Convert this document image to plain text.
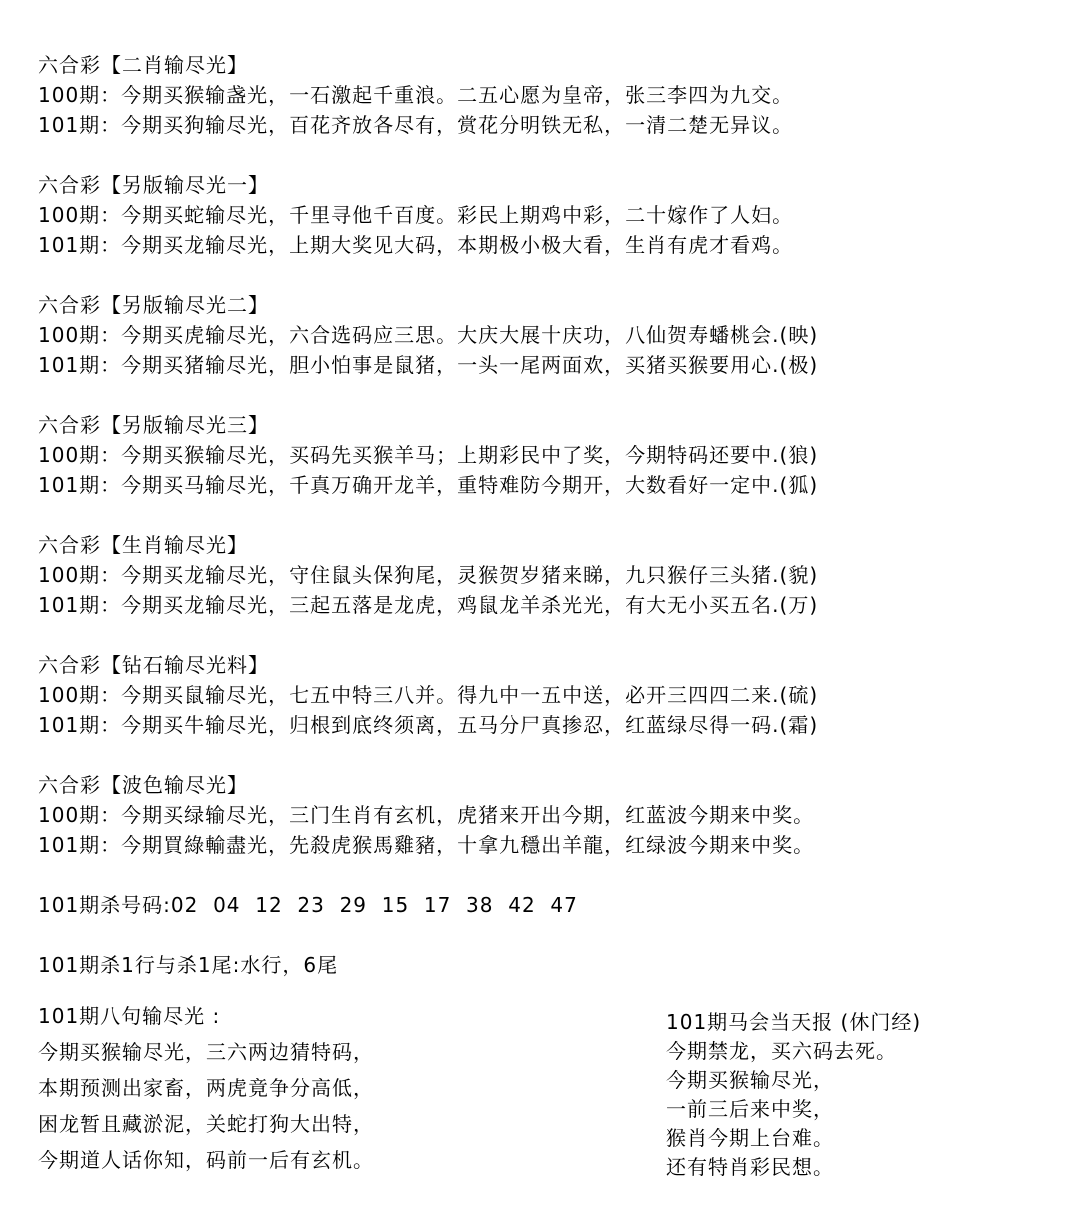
六合彩【二肖输尽光】
100期：今期买猴输盏光，一石激起千重浪。二五心愿为皇帝，张三李四为九交。
101期：今期买狗输尽光，百花齐放各尽有，赏花分明铁无私，一清二楚无异议。
六合彩【另版输尽光一】
100期：今期买蛇输尽光，千里寻他千百度。彩民上期鸡中彩，二十嫁作了人妇。
101期：今期买龙输尽光，上期大奖见大码，本期极小极大看，生肖有虎才看鸡。
六合彩【另版输尽光二】
100期：今期买虎输尽光，六合选码应三思。大庆大展十庆功，八仙贺寿蟠桃会.(映)
101期：今期买猪输尽光，胆小怕事是鼠猪，一头一尾两面欢，买猪买猴要用心.(极)
六合彩【另版输尽光三】
100期：今期买猴输尽光，买码先买猴羊马；上期彩民中了奖，今期特码还要中.(狼)
101期：今期买马输尽光，千真万确开龙羊，重特难防今期开，大数看好一定中.(狐)
六合彩【生肖输尽光】
100期：今期买龙输尽光，守住鼠头保狗尾，灵猴贺岁猪来睇，九只猴仔三头猪.(貌)
101期：今期买龙输尽光，三起五落是龙虎，鸡鼠龙羊杀光光，有大无小买五名.(万)
六合彩【钻石输尽光料】
100期：今期买鼠输尽光，七五中特三八并。得九中一五中送，必开三四四二来.(硫)
101期：今期买牛输尽光，归根到底终须离，五马分尸真掺忍，红蓝绿尽得一码.(霜)
六合彩【波色输尽光】
100期：今期买绿输尽光，三门生肖有玄机，虎猪来开出今期，红蓝波今期来中奖。
101期：今期買綠輸盡光，先殺虎猴馬雞豬，十拿九穩出羊龍，红绿波今期来中奖。
101期杀号码:02  04  12  23  29  15  17  38  42  47
101期杀1行与杀1尾:水行，6尾
101期八句输尽光 :
今期买猴输尽光，三六两边猜特码，
本期预测出家畜，两虎竟争分高低，
困龙暂且藏淤泥，关蛇打狗大出特，
今期道人话你知，码前一后有玄机。
101期马会当天报 (休门经)
今期禁龙，买六码去死。
今期买猴输尽光，
一前三后来中奖，
猴肖今期上台难。
还有特肖彩民想。
